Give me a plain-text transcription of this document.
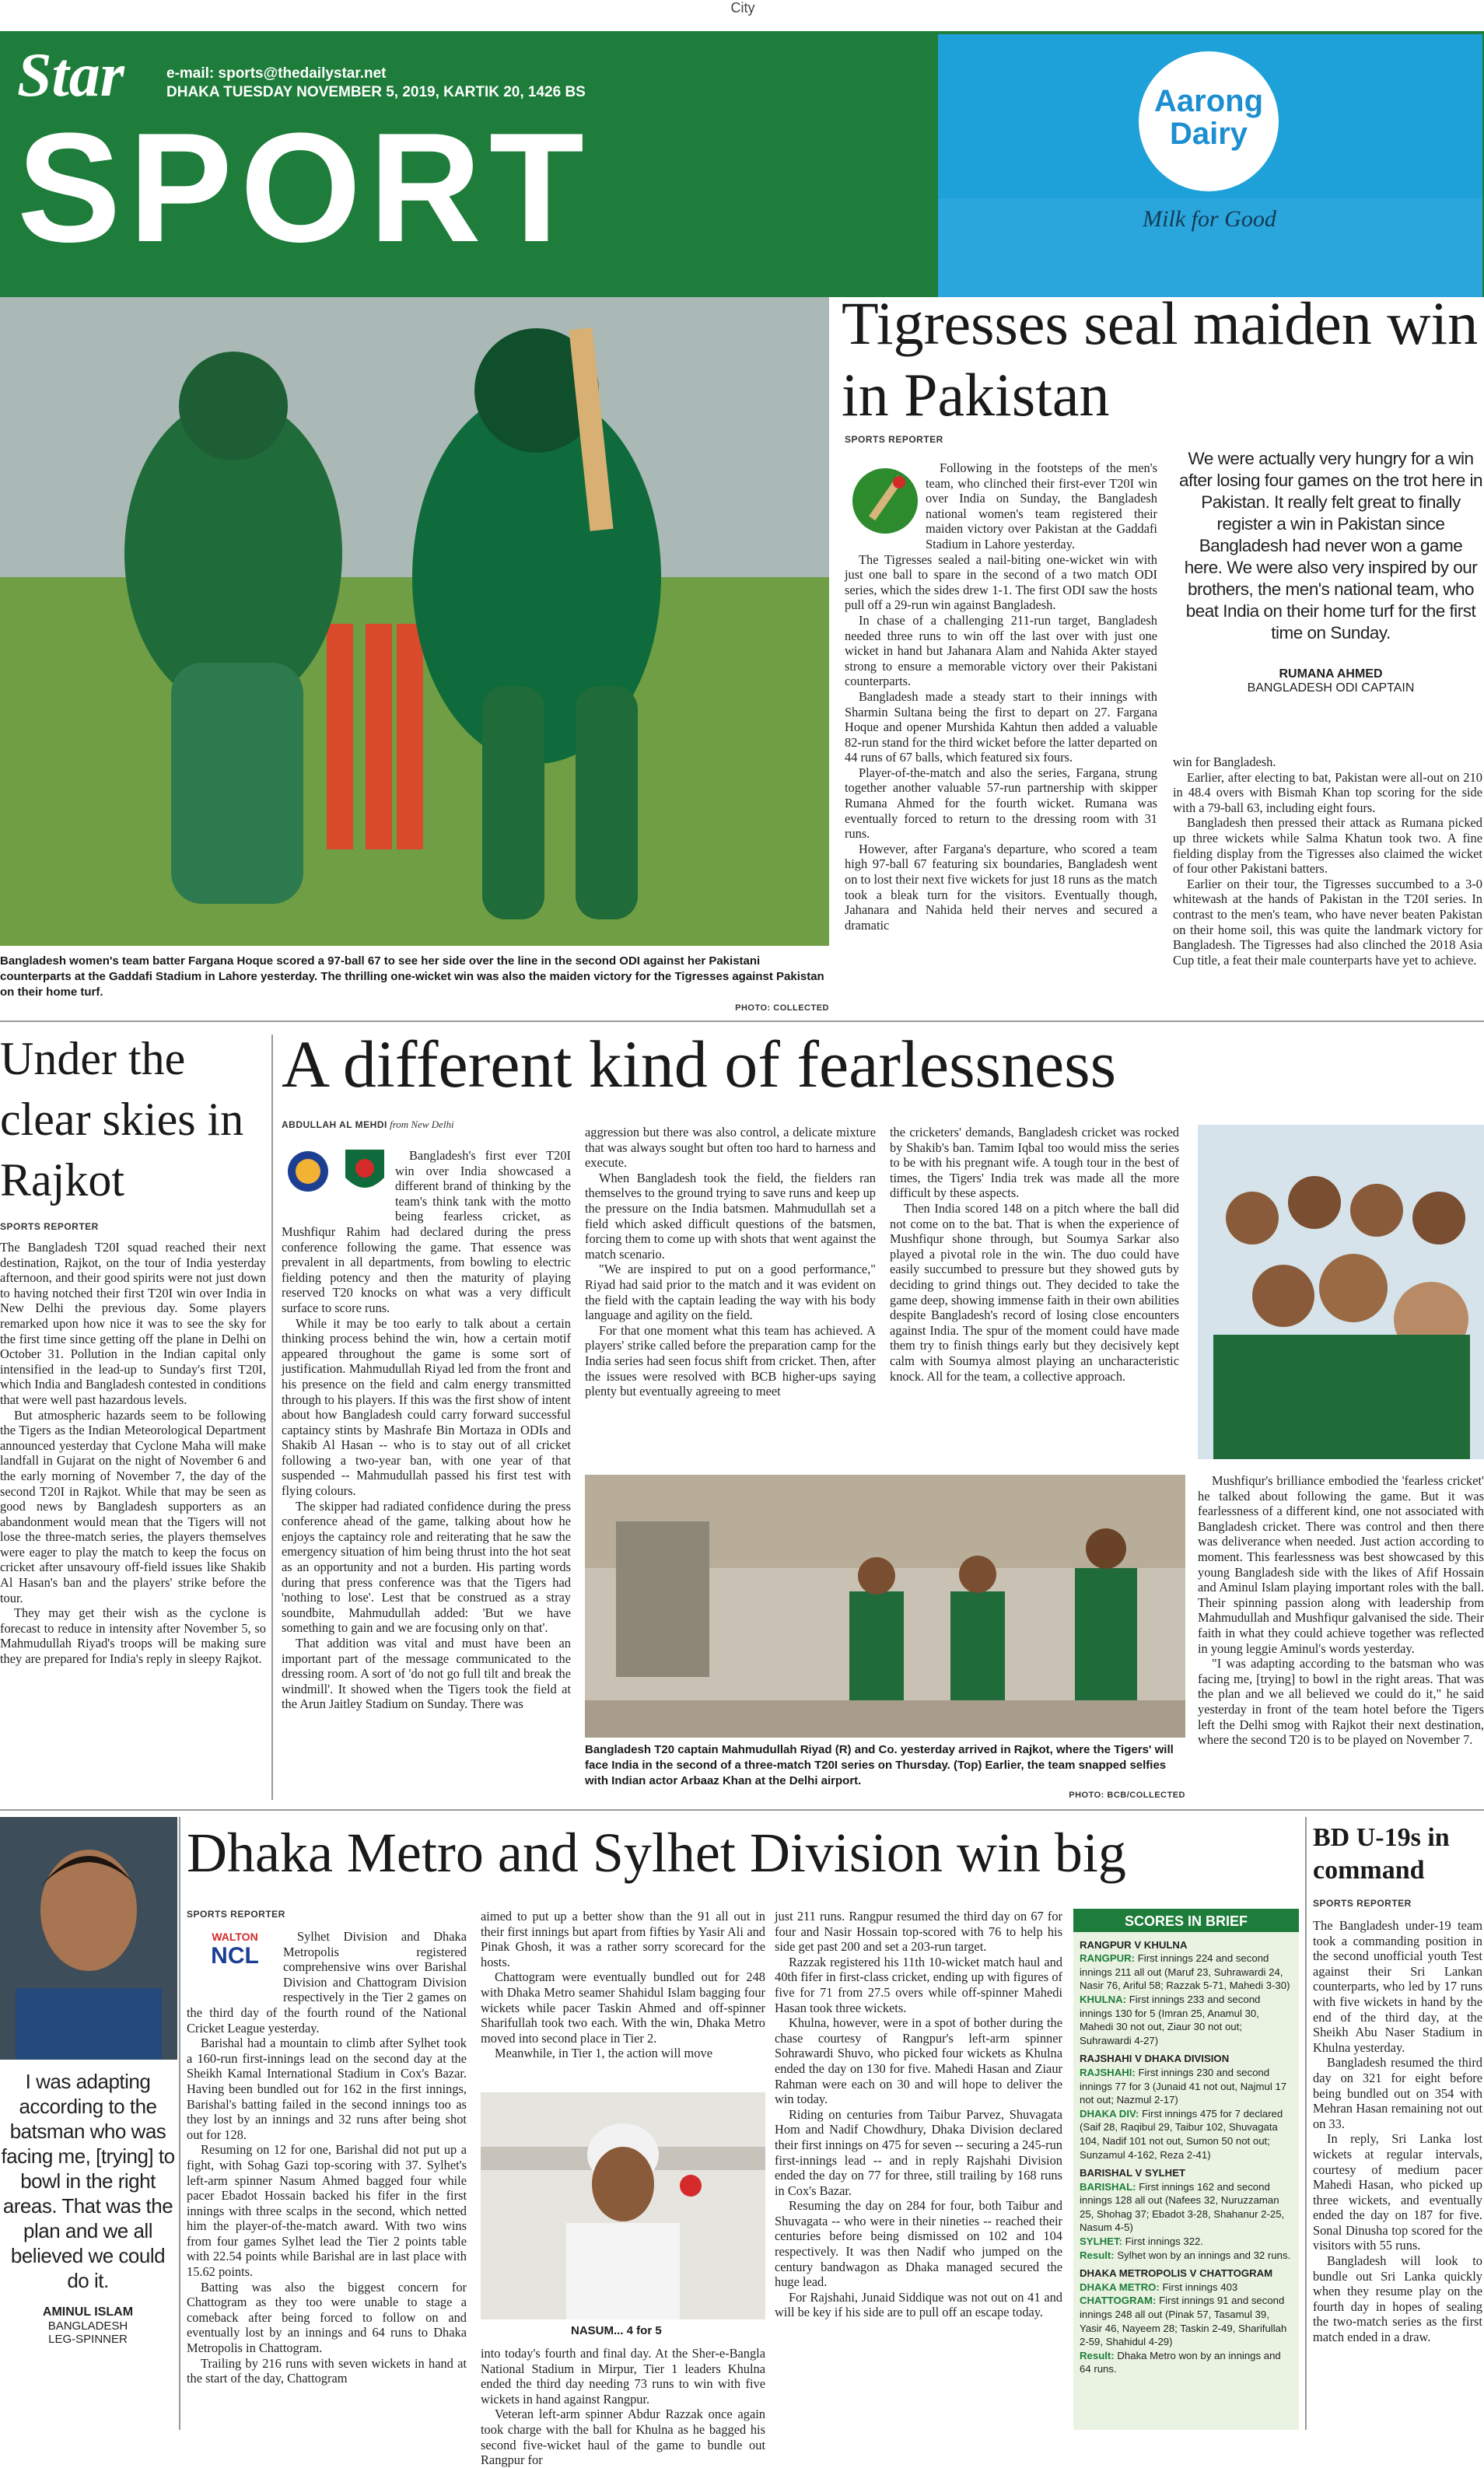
City
Star	e-mail: sports@thedailystar.net
DHAKA TUESDAY NOVEMBER 5, 2019, KARTIK 20, 1426 BS
SPORT	Aarong
Dairy
Milk for Good
Bangladesh women's team batter Fargana Hoque scored a 97-ball 67 to see her side over the line in the second ODI against her Pakistani counterparts at the Gaddafi Stadium in Lahore yesterday. The thrilling one-wicket win was also the maiden victory for the Tigresses against Pakistan on their home turf.
PHOTO: COLLECTED
Tigresses seal maiden win in Pakistan
SPORTS REPORTER

Following in the footsteps of the men's team, who clinched their first-ever T20I win over India on Sunday, the Bangladesh national women's team registered their maiden victory over Pakistan at the Gaddafi Stadium in Lahore yesterday.

The Tigresses sealed a nail-biting one-wicket win with just one ball to spare in the second of a two match ODI series, which the sides drew 1-1. The first ODI saw the hosts pull off a 29-run win against Bangladesh.

In chase of a challenging 211-run target, Bangladesh needed three runs to win off the last over with just one wicket in hand but Jahanara Alam and Nahida Akter stayed strong to ensure a memorable victory over their Pakistani counterparts.

Bangladesh made a steady start to their innings with Sharmin Sultana being the first to depart on 27. Fargana Hoque and opener Murshida Kahtun then added a valuable 82-run stand for the third wicket before the latter departed on 44 runs of 67 balls, which featured six fours.

Player-of-the-match and also the series, Fargana, strung together another valuable 57-run partnership with skipper Rumana Ahmed for the fourth wicket. Rumana was eventually forced to return to the dressing room with 31 runs.

However, after Fargana's departure, who scored a team high 97-ball 67 featuring six boundaries, Bangladesh went on to lost their next five wickets for just 18 runs as the match took a bleak turn for the visitors. Eventually though, Jahanara and Nahida held their nerves and secured a dramatic

We were actually very hungry for a win after losing four games on the trot here in Pakistan. It really felt great to finally register a win in Pakistan since Bangladesh had never won a game here. We were also very inspired by our brothers, the men's national team, who beat India on their home turf for the first time on Sunday.
RUMANA AHMED
BANGLADESH ODI CAPTAIN

win for Bangladesh.

Earlier, after electing to bat, Pakistan were all-out on 210 in 48.4 overs with Bismah Khan top scoring for the side with a 79-ball 63, including eight fours.

Bangladesh then pressed their attack as Rumana picked up three wickets while Salma Khatun took two. A fine fielding display from the Tigresses also claimed the wicket of four other Pakistani batters.

Earlier on their tour, the Tigresses succumbed to a 3-0 whitewash at the hands of Pakistan in the T20I series. In contrast to the men's team, who have never beaten Pakistan on their home soil, this was quite the landmark victory for Bangladesh. The Tigresses had also clinched the 2018 Asia Cup title, a feat their male counterparts have yet to achieve.

Under the clear skies in Rajkot
SPORTS REPORTER

The Bangladesh T20I squad reached their next destination, Rajkot, on the tour of India yesterday afternoon, and their good spirits were not just down to having notched their first T20I win over India in New Delhi the previous day. Some players remarked upon how nice it was to see the sky for the first time since getting off the plane in Delhi on October 31. Pollution in the Indian capital only intensified in the lead-up to Sunday's first T20I, which India and Bangladesh contested in conditions that were well past hazardous levels.

But atmospheric hazards seem to be following the Tigers as the Indian Meteorological Department announced yesterday that Cyclone Maha will make landfall in Gujarat on the night of November 6 and the early morning of November 7, the day of the second T20I in Rajkot. While that may be seen as good news by Bangladesh supporters as an abandonment would mean that the Tigers will not lose the three-match series, the players themselves were eager to play the match to keep the focus on cricket after unsavoury off-field issues like Shakib Al Hasan's ban and the players' strike before the tour.

They may get their wish as the cyclone is forecast to reduce in intensity after November 5, so Mahmudullah Riyad's troops will be making sure they are prepared for India's reply in sleepy Rajkot.

A different kind of fearlessness
ABDULLAH AL MEHDI from New Delhi

Bangladesh's first ever T20I win over India showcased a different brand of thinking by the team's think tank with the motto being fearless cricket, as Mushfiqur Rahim had declared during the press conference following the game. That essence was prevalent in all departments, from bowling to electric fielding potency and then the maturity of playing reserved T20 knocks on what was a very difficult surface to score runs.

While it may be too early to talk about a certain thinking process behind the win, how a certain motif appeared throughout the game is some sort of justification. Mahmudullah Riyad led from the front and his presence on the field and calm energy transmitted through to his players. If this was the first show of intent about how Bangladesh could carry forward successful captaincy stints by Mashrafe Bin Mortaza in ODIs and Shakib Al Hasan -- who is to stay out of all cricket following a two-year ban, with one year of that suspended -- Mahmudullah passed his first test with flying colours.

The skipper had radiated confidence during the press conference ahead of the game, talking about how he enjoys the captaincy role and reiterating that he saw the emergency situation of him being thrust into the hot seat as an opportunity and not a burden. His parting words during that press conference was that the Tigers had 'nothing to lose'. Lest that be construed as a stray soundbite, Mahmudullah added: 'But we have something to gain and we are focusing only on that'.

That addition was vital and must have been an important part of the message communicated to the dressing room. A sort of 'do not go full tilt and break the windmill'. It showed when the Tigers took the field at the Arun Jaitley Stadium on Sunday. There was

aggression but there was also control, a delicate mixture that was always sought but often too hard to harness and execute.

When Bangladesh took the field, the fielders ran themselves to the ground trying to save runs and keep up the pressure on the India batsmen. Mahmudullah set a field which asked difficult questions of the batsmen, forcing them to come up with shots that went against the match scenario.

"We are inspired to put on a good performance," Riyad had said prior to the match and it was evident on the field with the captain leading the way with his body language and agility on the field.

For that one moment what this team has achieved. A players' strike called before the preparation camp for the India series had seen focus shift from cricket. Then, after the issues were resolved with BCB higher-ups saying plenty but eventually agreeing to meet

the cricketers' demands, Bangladesh cricket was rocked by Shakib's ban. Tamim Iqbal too would miss the series to be with his pregnant wife. A tough tour in the best of times, the Tigers' India trek was made all the more difficult by these aspects.

Then India scored 148 on a pitch where the ball did not come on to the bat. That is when the experience of Mushfiqur shone through, but Soumya Sarkar also played a pivotal role in the win. The duo could have easily succumbed to pressure but they showed guts by deciding to grind things out. They decided to take the game deep, showing immense faith in their own abilities despite Bangladesh's record of losing close encounters against India. The spur of the moment could have made them try to finish things early but they decisively kept calm with Soumya almost playing an uncharacteristic knock. All for the team, a collective approach.

Bangladesh T20 captain Mahmudullah Riyad (R) and Co. yesterday arrived in Rajkot, where the Tigers' will face India in the second of a three-match T20I series on Thursday. (Top) Earlier, the team snapped selfies with Indian actor Arbaaz Khan at the Delhi airport.
PHOTO: BCB/COLLECTED

Mushfiqur's brilliance embodied the 'fearless cricket' he talked about following the game. But it was fearlessness of a different kind, one not associated with Bangladesh cricket. There was control and then there was deliverance when needed. Just action according to moment. This fearlessness was best showcased by this young Bangladesh side with the likes of Afif Hossain and Aminul Islam playing important roles with the ball. Their spinning passion along with leadership from Mahmudullah and Mushfiqur galvanised the side. Their faith in what they could achieve together was reflected in young leggie Aminul's words yesterday.

"I was adapting according to the batsman who was facing me, [trying] to bowl in the right areas. That was the plan and we all believed we could do it," he said yesterday in front of the team hotel before the Tigers left the Delhi smog with Rajkot their next destination, where the second T20 is to be played on November 7.

I was adapting according to the batsman who was facing me, [trying] to bowl in the right areas. That was the plan and we all believed we could do it.
AMINUL ISLAM
BANGLADESH
LEG-SPINNER
Dhaka Metro and Sylhet Division win big
SPORTS REPORTER
WALTON
NCL

Sylhet Division and Dhaka Metropolis registered comprehensive wins over Barishal Division and Chattogram Division respectively in the Tier 2 games on the third day of the fourth round of the National Cricket League yesterday.

Barishal had a mountain to climb after Sylhet took a 160-run first-innings lead on the second day at the Sheikh Kamal International Stadium in Cox's Bazar. Having been bundled out for 162 in the first innings, Barishal's batting failed in the second innings too as they lost by an innings and 32 runs after being shot out for 128.

Resuming on 12 for one, Barishal did not put up a fight, with Sohag Gazi top-scoring with 37. Sylhet's left-arm spinner Nasum Ahmed bagged four while pacer Ebadot Hossain backed his fifer in the first innings with three scalps in the second, which netted him the player-of-the-match award. With two wins from four games Sylhet lead the Tier 2 points table with 22.54 points while Barishal are in last place with 15.62 points.

Batting was also the biggest concern for Chattogram as they too were unable to stage a comeback after being forced to follow on and eventually lost by an innings and 64 runs to Dhaka Metropolis in Chattogram.

Trailing by 216 runs with seven wickets in hand at the start of the day, Chattogram

aimed to put up a better show than the 91 all out in their first innings but apart from fifties by Yasir Ali and Pinak Ghosh, it was a rather sorry scorecard for the hosts.

Chattogram were eventually bundled out for 248 with Dhaka Metro seamer Shahidul Islam bagging four wickets while pacer Taskin Ahmed and off-spinner Sharifullah took two each. With the win, Dhaka Metro moved into second place in Tier 2.

Meanwhile, in Tier 1, the action will move

NASUM... 4 for 5

into today's fourth and final day. At the Sher-e-Bangla National Stadium in Mirpur, Tier 1 leaders Khulna ended the third day needing 73 runs to win with five wickets in hand against Rangpur.

Veteran left-arm spinner Abdur Razzak once again took charge with the ball for Khulna as he bagged his second five-wicket haul of the game to bundle out Rangpur for

just 211 runs. Rangpur resumed the third day on 67 for four and Nasir Hossain top-scored with 76 to help his side get past 200 and set a 203-run target.

Razzak registered his 11th 10-wicket match haul and 40th fifer in first-class cricket, ending up with figures of five for 71 from 27.5 overs while off-spinner Mahedi Hasan took three wickets.

Khulna, however, were in a spot of bother during the chase courtesy of Rangpur's left-arm spinner Sohrawardi Shuvo, who picked four wickets as Khulna ended the day on 130 for five. Mahedi Hasan and Ziaur Rahman were each on 30 and will hope to deliver the win today.

Riding on centuries from Taibur Parvez, Shuvagata Hom and Nadif Chowdhury, Dhaka Division declared their first innings on 475 for seven -- securing a 245-run first-innings lead -- and in reply Rajshahi Division ended the day on 77 for three, still trailing by 168 runs in Cox's Bazar.

Resuming the day on 284 for four, both Taibur and Shuvagata -- who were in their nineties -- reached their centuries before being dismissed on 102 and 104 respectively. It was then Nadif who jumped on the century bandwagon as Dhaka managed secured the huge lead.

For Rajshahi, Junaid Siddique was not out on 41 and will be key if his side are to pull off an escape today.

SCORES IN BRIEF
RANGPUR V KHULNA
RANGPUR: First innings 224 and second innings 211 all out (Maruf 23, Suhrawardi 24, Nasir 76, Ariful 58; Razzak 5-71, Mahedi 3-30)
KHULNA: First innings 233 and second innings 130 for 5 (Imran 25, Anamul 30, Mahedi 30 not out, Ziaur 30 not out; Suhrawardi 4-27)
RAJSHAHI V DHAKA DIVISION
RAJSHAHI: First innings 230 and second innings 77 for 3 (Junaid 41 not out, Najmul 17 not out; Nazmul 2-17)
DHAKA DIV: First innings 475 for 7 declared (Saif 28, Raqibul 29, Taibur 102, Shuvagata 104, Nadif 101 not out, Sumon 50 not out; Sunzamul 4-162, Reza 2-41)
BARISHAL V SYLHET
BARISHAL: First innings 162 and second innings 128 all out (Nafees 32, Nuruzzaman 25, Shohag 37; Ebadot 3-28, Shahanur 2-25, Nasum 4-5)
SYLHET: First innings 322.
Result: Sylhet won by an innings and 32 runs.
DHAKA METROPOLIS V CHATTOGRAM
DHAKA METRO: First innings 403
CHATTOGRAM: First innings 91 and second innings 248 all out (Pinak 57, Tasamul 39, Yasir 46, Nayeem 28; Taskin 2-49, Sharifullah 2-59, Shahidul 4-29)
Result: Dhaka Metro won by an innings and 64 runs.
BD U-19s in command
SPORTS REPORTER

The Bangladesh under-19 team took a commanding position in the second unofficial youth Test against their Sri Lankan counterparts, who led by 17 runs with five wickets in hand by the end of the third day, at the Sheikh Abu Naser Stadium in Khulna yesterday.

Bangladesh resumed the third day on 321 for eight before being bundled out on 354 with Mehran Hasan remaining not out on 33.

In reply, Sri Lanka lost wickets at regular intervals, courtesy of medium pacer Mahedi Hasan, who picked up three wickets, and eventually ended the day on 187 for five. Sonal Dinusha top scored for the visitors with 55 runs.

Bangladesh will look to bundle out Sri Lanka quickly when they resume play on the fourth day in hopes of sealing the two-match series as the first match ended in a draw.
